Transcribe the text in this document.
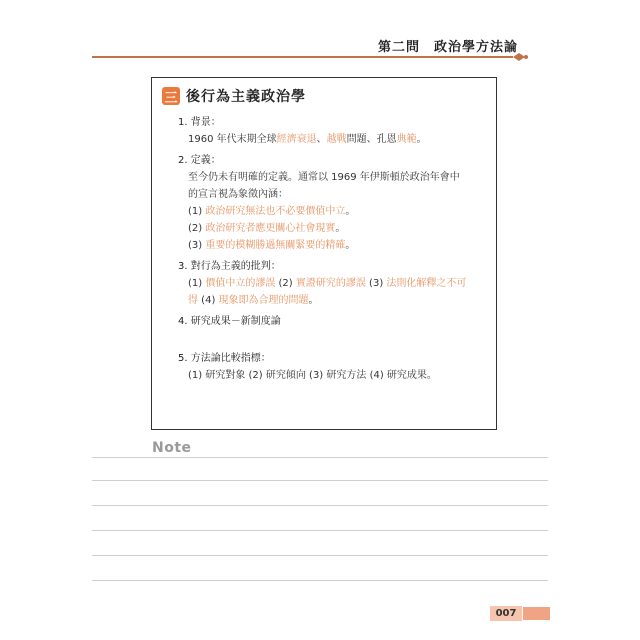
第二問　政治學方法論
三 後行為主義政治學
1. 背景：
1960 年代末期全球經濟衰退、越戰問題、孔恩典範。
2. 定義：
至今仍未有明確的定義。通常以 1969 年伊斯頓於政治年會中
的宣言視為象徵內涵：
(1) 政治研究無法也不必要價值中立。
(2) 政治研究者應更關心社會現實。
(3) 重要的模糊勝過無關緊要的精確。
3. 對行為主義的批判：
(1) 價值中立的謬誤 (2) 實證研究的謬誤 (3) 法則化解釋之不可
得 (4) 現象即為合理的問題。
4. 研究成果－新制度論
5. 方法論比較指標：
(1) 研究對象 (2) 研究傾向 (3) 研究方法 (4) 研究成果。
Note
007
